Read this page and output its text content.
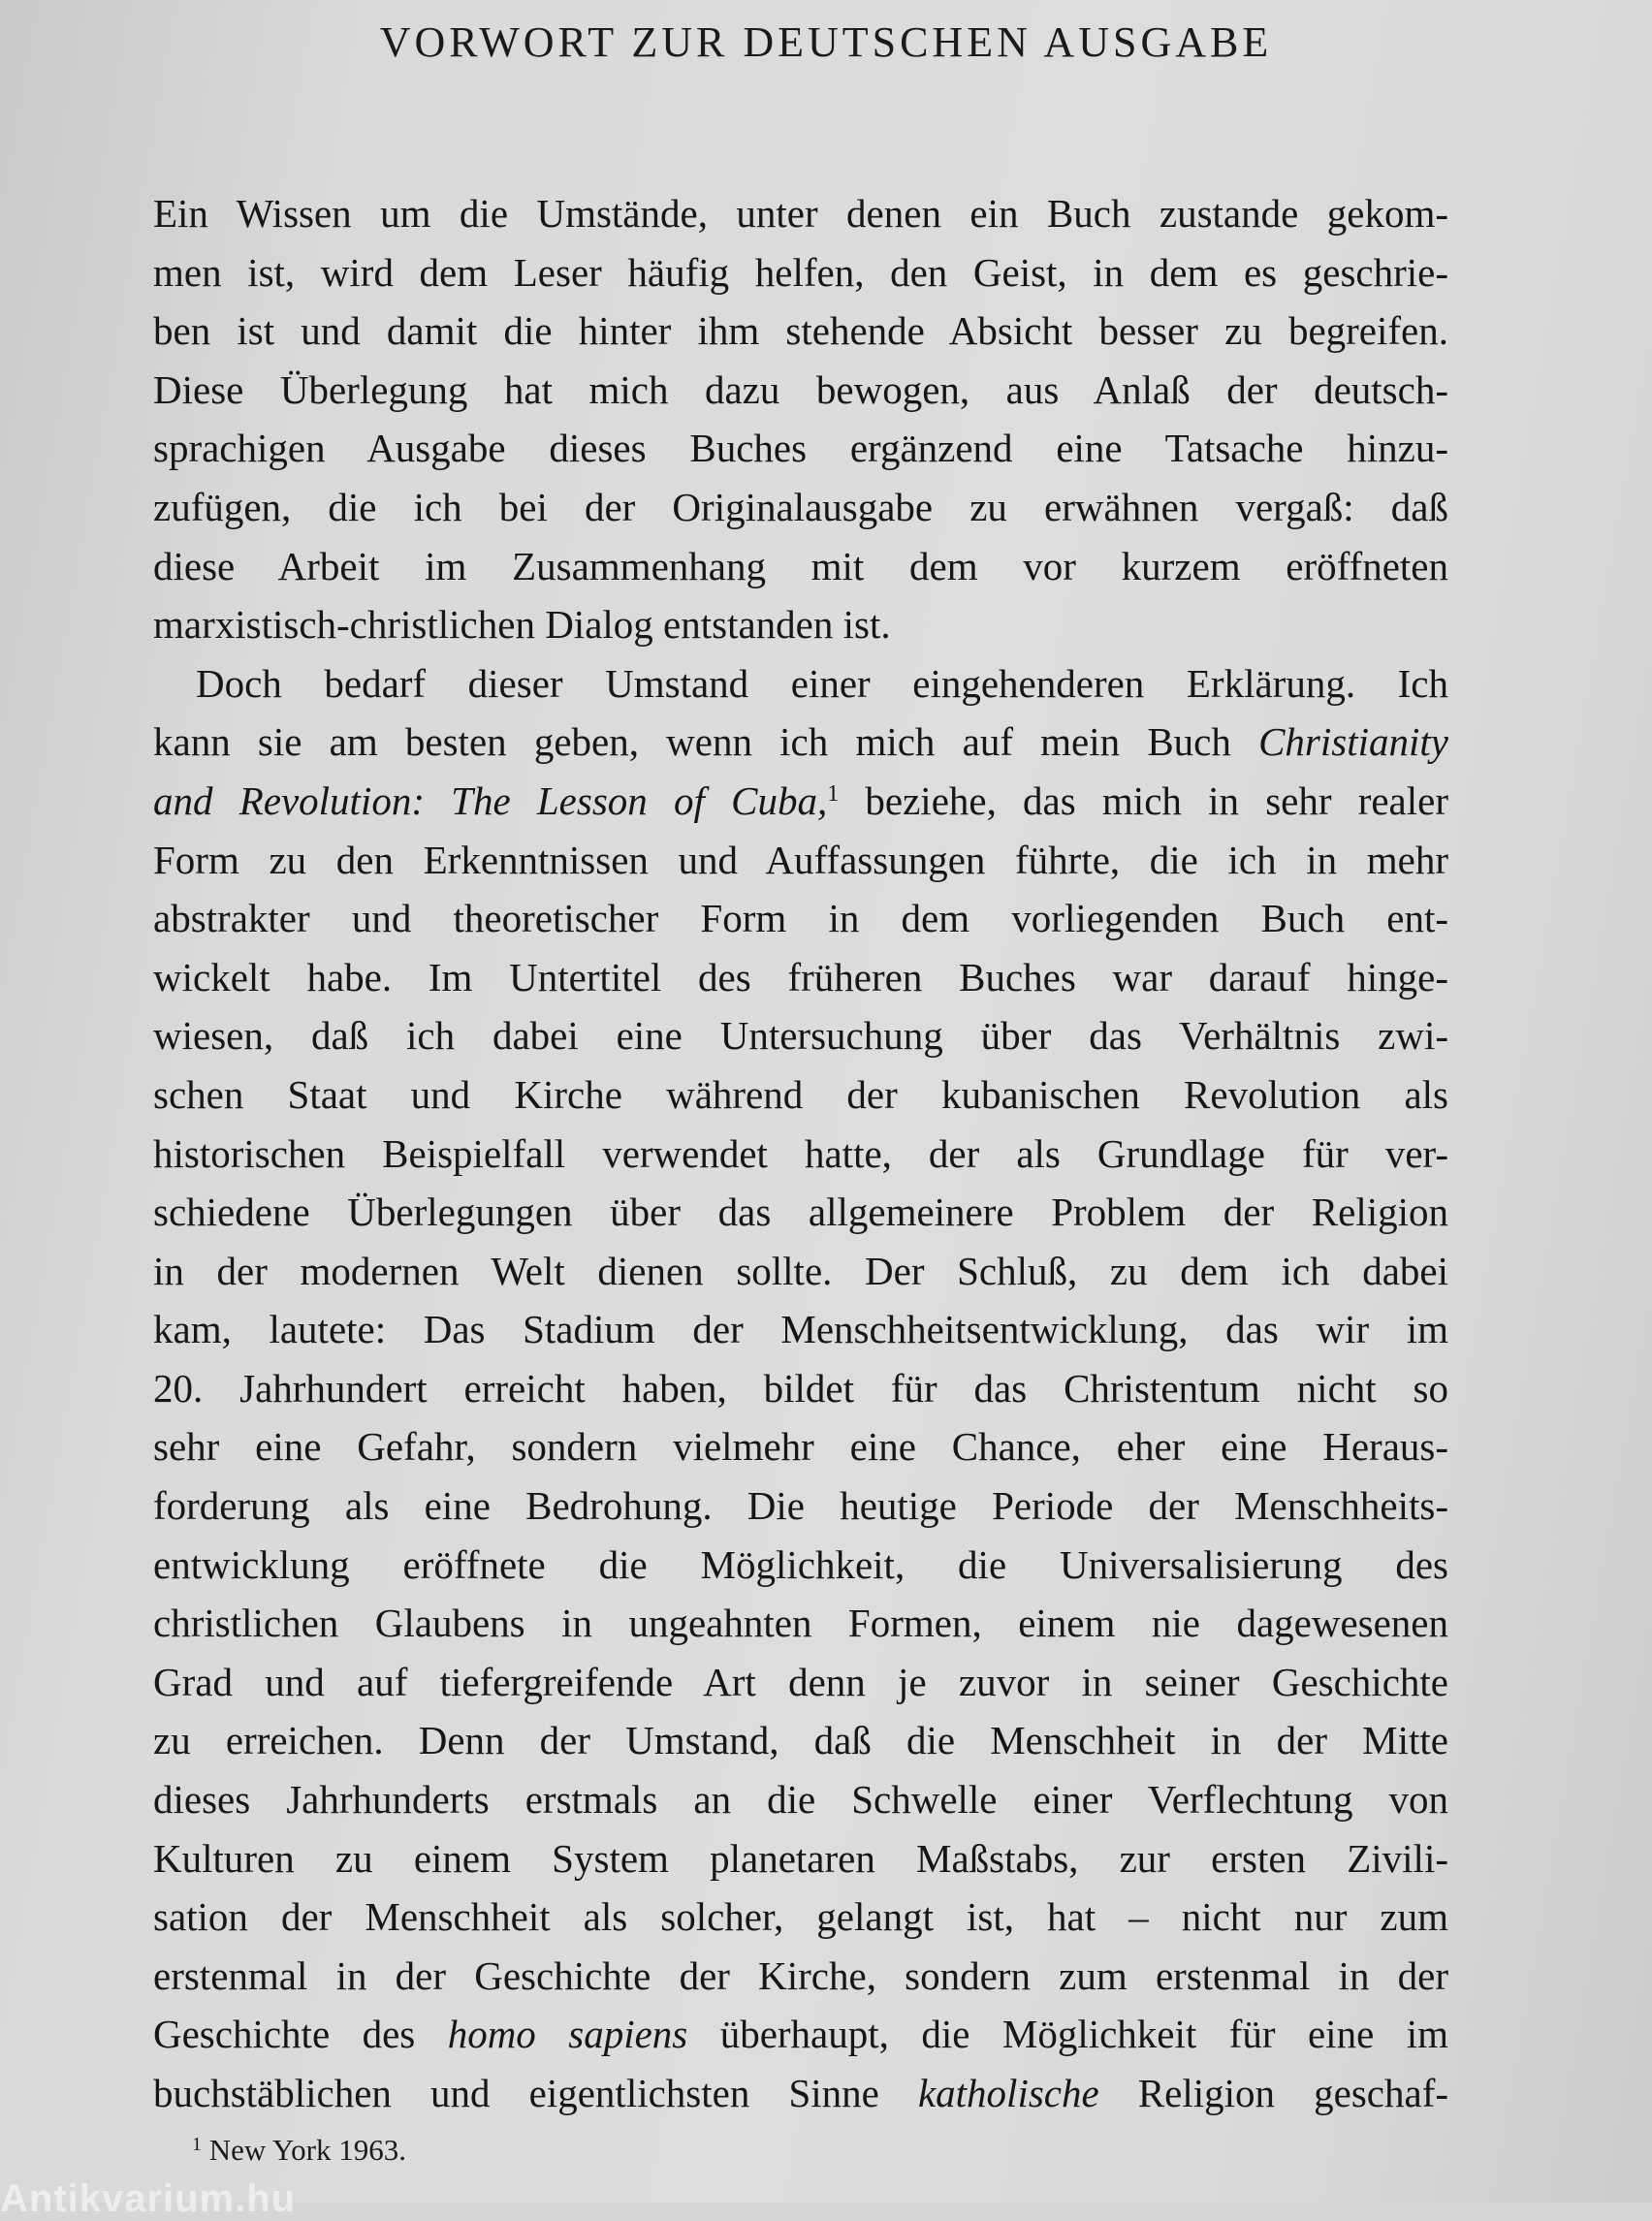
VORWORT ZUR DEUTSCHEN AUSGABE

Ein Wissen um die Umstände, unter denen ein Buch zustande gekom-
men ist, wird dem Leser häufig helfen, den Geist, in dem es geschrie-
ben ist und damit die hinter ihm stehende Absicht besser zu begreifen.
Diese Überlegung hat mich dazu bewogen, aus Anlaß der deutsch-
sprachigen Ausgabe dieses Buches ergänzend eine Tatsache hinzu-
zufügen, die ich bei der Originalausgabe zu erwähnen vergaß: daß
diese Arbeit im Zusammenhang mit dem vor kurzem eröffneten
marxistisch-christlichen Dialog entstanden ist.

Doch bedarf dieser Umstand einer eingehenderen Erklärung. Ich
kann sie am besten geben, wenn ich mich auf mein Buch Christianity
and Revolution: The Lesson of Cuba,$^1$ beziehe, das mich in sehr realer
Form zu den Erkenntnissen und Auffassungen führte, die ich in mehr
abstrakter und theoretischer Form in dem vorliegenden Buch ent-
wickelt habe. Im Untertitel des früheren Buches war darauf hinge-
wiesen, daß ich dabei eine Untersuchung über das Verhältnis zwi-
schen Staat und Kirche während der kubanischen Revolution als
historischen Beispielfall verwendet hatte, der als Grundlage für ver-
schiedene Überlegungen über das allgemeinere Problem der Religion
in der modernen Welt dienen sollte. Der Schluß, zu dem ich dabei
kam, lautete: Das Stadium der Menschheitsentwicklung, das wir im
20. Jahrhundert erreicht haben, bildet für das Christentum nicht so
sehr eine Gefahr, sondern vielmehr eine Chance, eher eine Heraus-
forderung als eine Bedrohung. Die heutige Periode der Menschheits-
entwicklung eröffnete die Möglichkeit, die Universalisierung des
christlichen Glaubens in ungeahnten Formen, einem nie dagewesenen
Grad und auf tiefergreifende Art denn je zuvor in seiner Geschichte
zu erreichen. Denn der Umstand, daß die Menschheit in der Mitte
dieses Jahrhunderts erstmals an die Schwelle einer Verflechtung von
Kulturen zu einem System planetaren Maßstabs, zur ersten Zivili-
sation der Menschheit als solcher, gelangt ist, hat – nicht nur zum
erstenmal in der Geschichte der Kirche, sondern zum erstenmal in der
Geschichte des homo sapiens überhaupt, die Möglichkeit für eine im
buchstäblichen und eigentlichsten Sinne katholische Religion geschaf-

$^1$ New York 1963.
Antikvarium.hu
